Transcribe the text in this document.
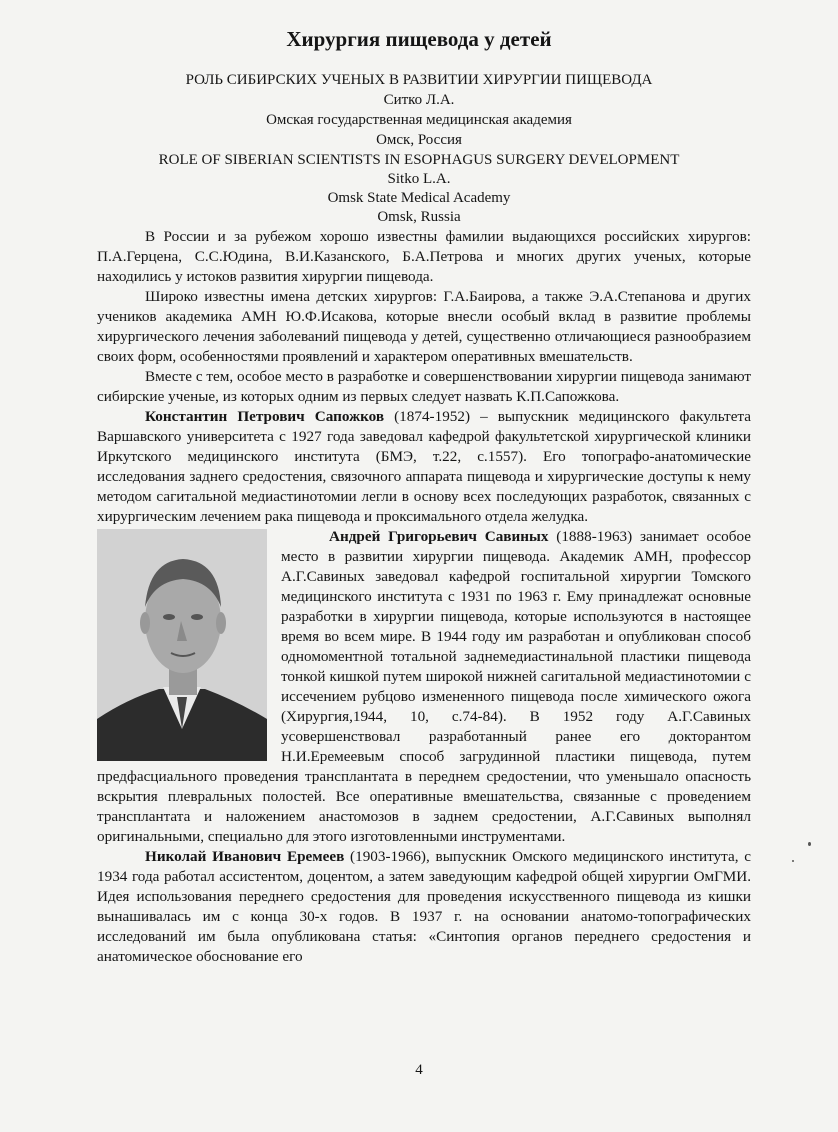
Хирургия пищевода у детей
РОЛЬ СИБИРСКИХ УЧЕНЫХ В РАЗВИТИИ ХИРУРГИИ ПИЩЕВОДА
Ситко Л.А.
Омская государственная медицинская академия
Омск, Россия
ROLE OF SIBERIAN SCIENTISTS IN ESOPHAGUS SURGERY DEVELOPMENT
Sitko L.A.
Omsk State Medical Academy
Omsk, Russia

В России и за рубежом хорошо известны фамилии выдающихся российских хирургов: П.А.Герцена, С.С.Юдина, В.И.Казанского, Б.А.Петрова и многих других ученых, которые находились у истоков развития хирургии пищевода.

Широко известны имена детских хирургов: Г.А.Баирова, а также Э.А.Степанова и других учеников академика АМН Ю.Ф.Исакова, которые внесли особый вклад в развитие проблемы хирургического лечения заболеваний пищевода у детей, существенно отличающиеся разнообразием своих форм, особенностями проявлений и характером оперативных вмешательств.

Вместе с тем, особое место в разработке и совершенствовании хирургии пищевода занимают сибирские ученые, из которых одним из первых следует назвать К.П.Сапожкова.

Константин Петрович Сапожков (1874-1952) – выпускник медицинского факультета Варшавского университета с 1927 года заведовал кафедрой факультетской хирургической клиники Иркутского медицинского института (БМЭ, т.22, с.1557). Его топографо-анатомические исследования заднего средостения, связочного аппарата пищевода и хирургические доступы к нему методом сагитальной медиастинотомии легли в основу всех последующих разработок, связанных с хирургическим лечением рака пищевода и проксимального отдела желудка.

Андрей Григорьевич Савиных
(1888-1963) занимает особое место в развитии хирургии пищевода. Академик АМН, профессор А.Г.Савиных заведовал кафедрой госпитальной хирургии Томского медицинского института с 1931 по 1963 г. Ему принадлежат основные разработки в хирургии пищевода, которые используются в настоящее время во всем мире. В 1944 году им разработан и опубликован способ одномоментной тотальной заднемедиастинальной пластики пищевода тонкой кишкой путем широкой нижней сагитальной медиастинотомии с иссечением рубцово измененного пищевода после химического ожога (Хирургия,1944, 10, с.74-84). В 1952 году А.Г.Савиных усовершенствовал разработанный ранее его докторантом Н.И.Еремеевым способ загрудинной пластики пищевода, путем предфасциального проведения трансплантата в переднем средостении, что уменьшало опасность вскрытия плевральных полостей. Все оперативные вмешательства, связанные с проведением трансплантата и наложением анастомозов в заднем средостении, А.Г.Савиных выполнял оригинальными, специально для этого изготовленными инструментами.

Николай Иванович Еремеев (1903-1966), выпускник Омского медицинского института, с 1934 года работал ассистентом, доцентом, а затем заведующим кафедрой общей хирургии ОмГМИ. Идея использования переднего средостения для проведения искусственного пищевода из кишки вынашивалась им с конца 30-х годов. В 1937 г. на основании анатомо-топографических исследований им была опубликована статья: «Синтопия органов переднего средостения и анатомическое обоснование его

4
